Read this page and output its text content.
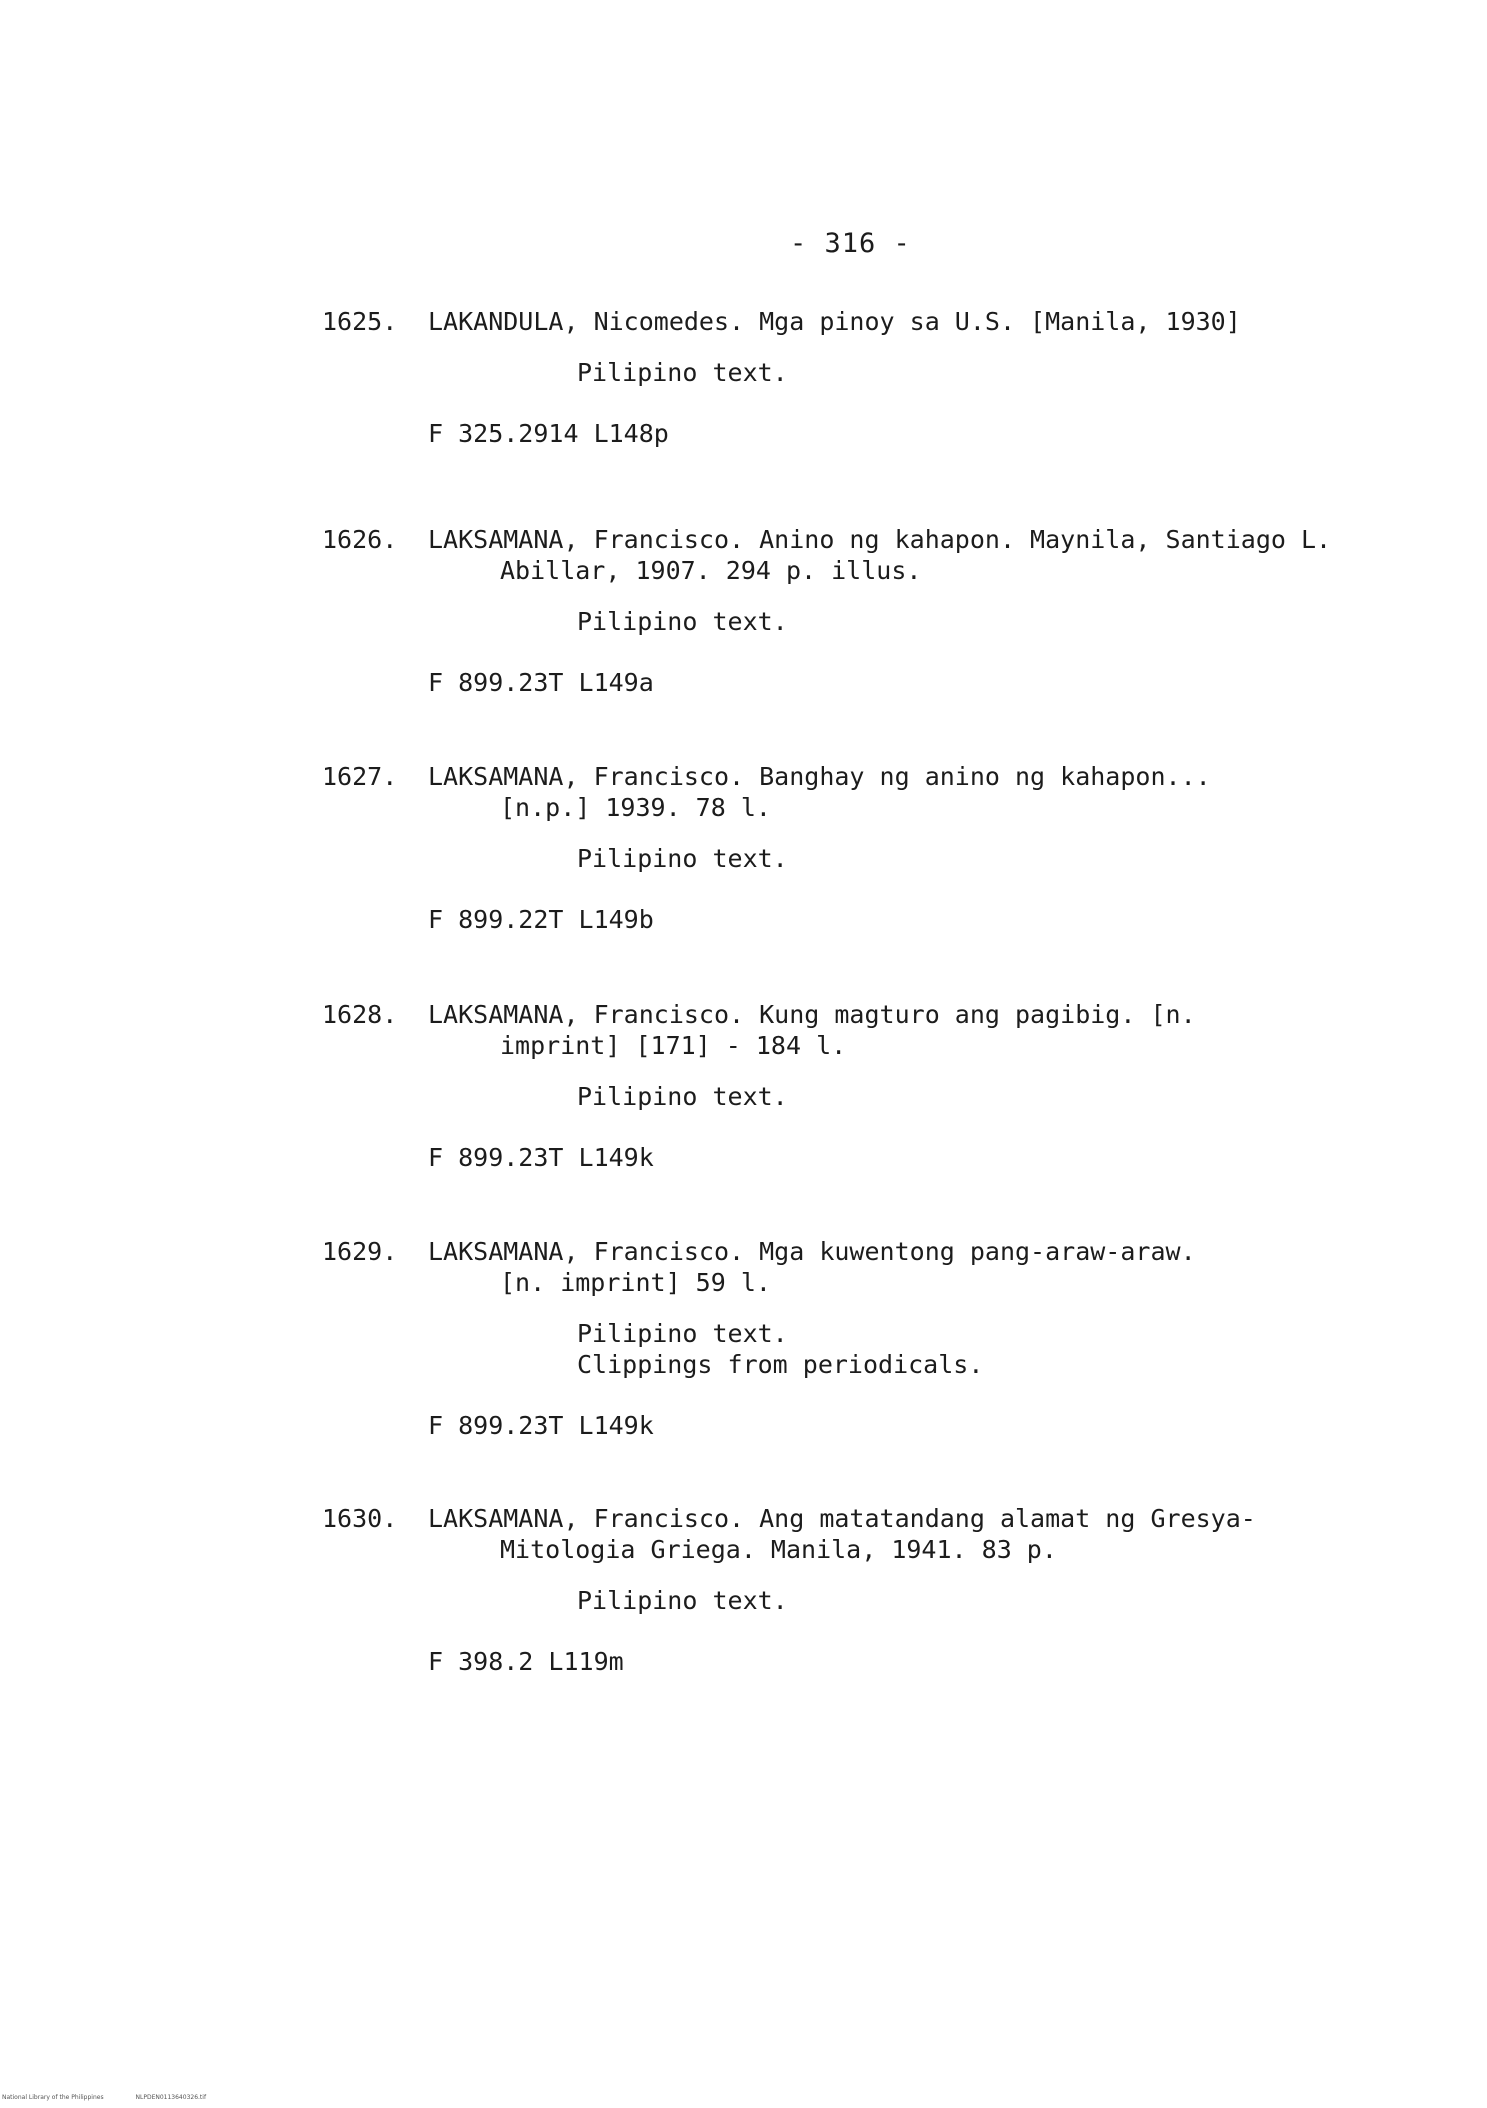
- 316 -
1625. LAKANDULA, Nicomedes. Mga pinoy sa U.S. [Manila, 1930]
Pilipino text.
F 325.2914 L148p
1626. LAKSAMANA, Francisco. Anino ng kahapon. Maynila, Santiago L.
Abillar, 1907. 294 p. illus.
Pilipino text.
F 899.23T L149a
1627. LAKSAMANA, Francisco. Banghay ng anino ng kahapon...
[n.p.] 1939. 78 l.
Pilipino text.
F 899.22T L149b
1628. LAKSAMANA, Francisco. Kung magturo ang pagibig. [n.
imprint] [171] - 184 l.
Pilipino text.
F 899.23T L149k
1629. LAKSAMANA, Francisco. Mga kuwentong pang-araw-araw.
[n. imprint] 59 l.
Pilipino text.
Clippings from periodicals.
F 899.23T L149k
1630. LAKSAMANA, Francisco. Ang matatandang alamat ng Gresya-
Mitologia Griega. Manila, 1941. 83 p.
Pilipino text.
F 398.2 L119m
National Library of the Philippines	NLPDEN0113640326.tif
